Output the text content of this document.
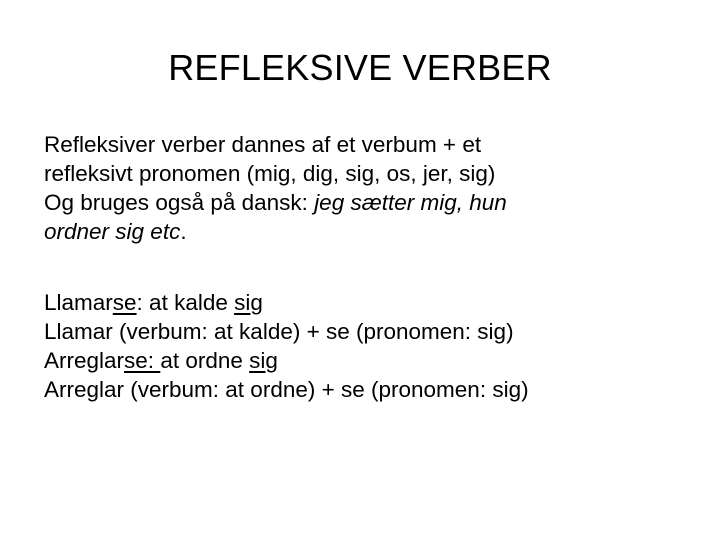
REFLEKSIVE VERBER
Refleksiver verber dannes af et verbum + et
refleksivt pronomen (mig, dig, sig, os, jer, sig)
Og bruges også på dansk: jeg sætter mig, hun
ordner sig etc.
Llamarse: at kalde sig
Llamar (verbum: at kalde) + se (pronomen: sig)
Arreglarse: at ordne sig
Arreglar (verbum: at ordne) + se (pronomen: sig)
